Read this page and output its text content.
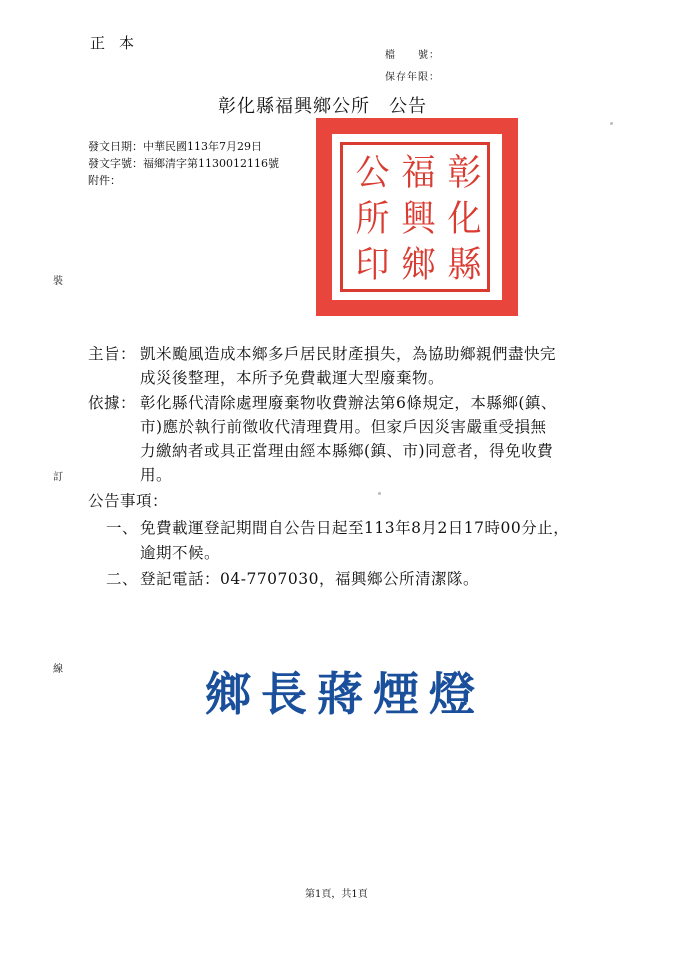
正本
檔　　號：
保存年限：
彰化縣福興鄉公所　公告
發文日期：中華民國113年7月29日
發文字號：福鄉清字第1130012116號
附件：
裝
訂
線
彰
化
縣
福
興
鄉
公
所
印
主旨： 凱米颱風造成本鄉多戶居民財產損失，為協助鄉親們盡快完
成災後整理，本所予免費載運大型廢棄物。
依據： 彰化縣代清除處理廢棄物收費辦法第6條規定，本縣鄉(鎮、
市)應於執行前徵收代清理費用。但家戶因災害嚴重受損無
力繳納者或具正當理由經本縣鄉(鎮、市)同意者，得免收費
用。
公告事項：
一、 免費載運登記期間自公告日起至113年8月2日17時00分止，
逾期不候。
二、 登記電話：04-7707030，福興鄉公所清潔隊。
鄉長蔣煙燈
第1頁，共1頁
